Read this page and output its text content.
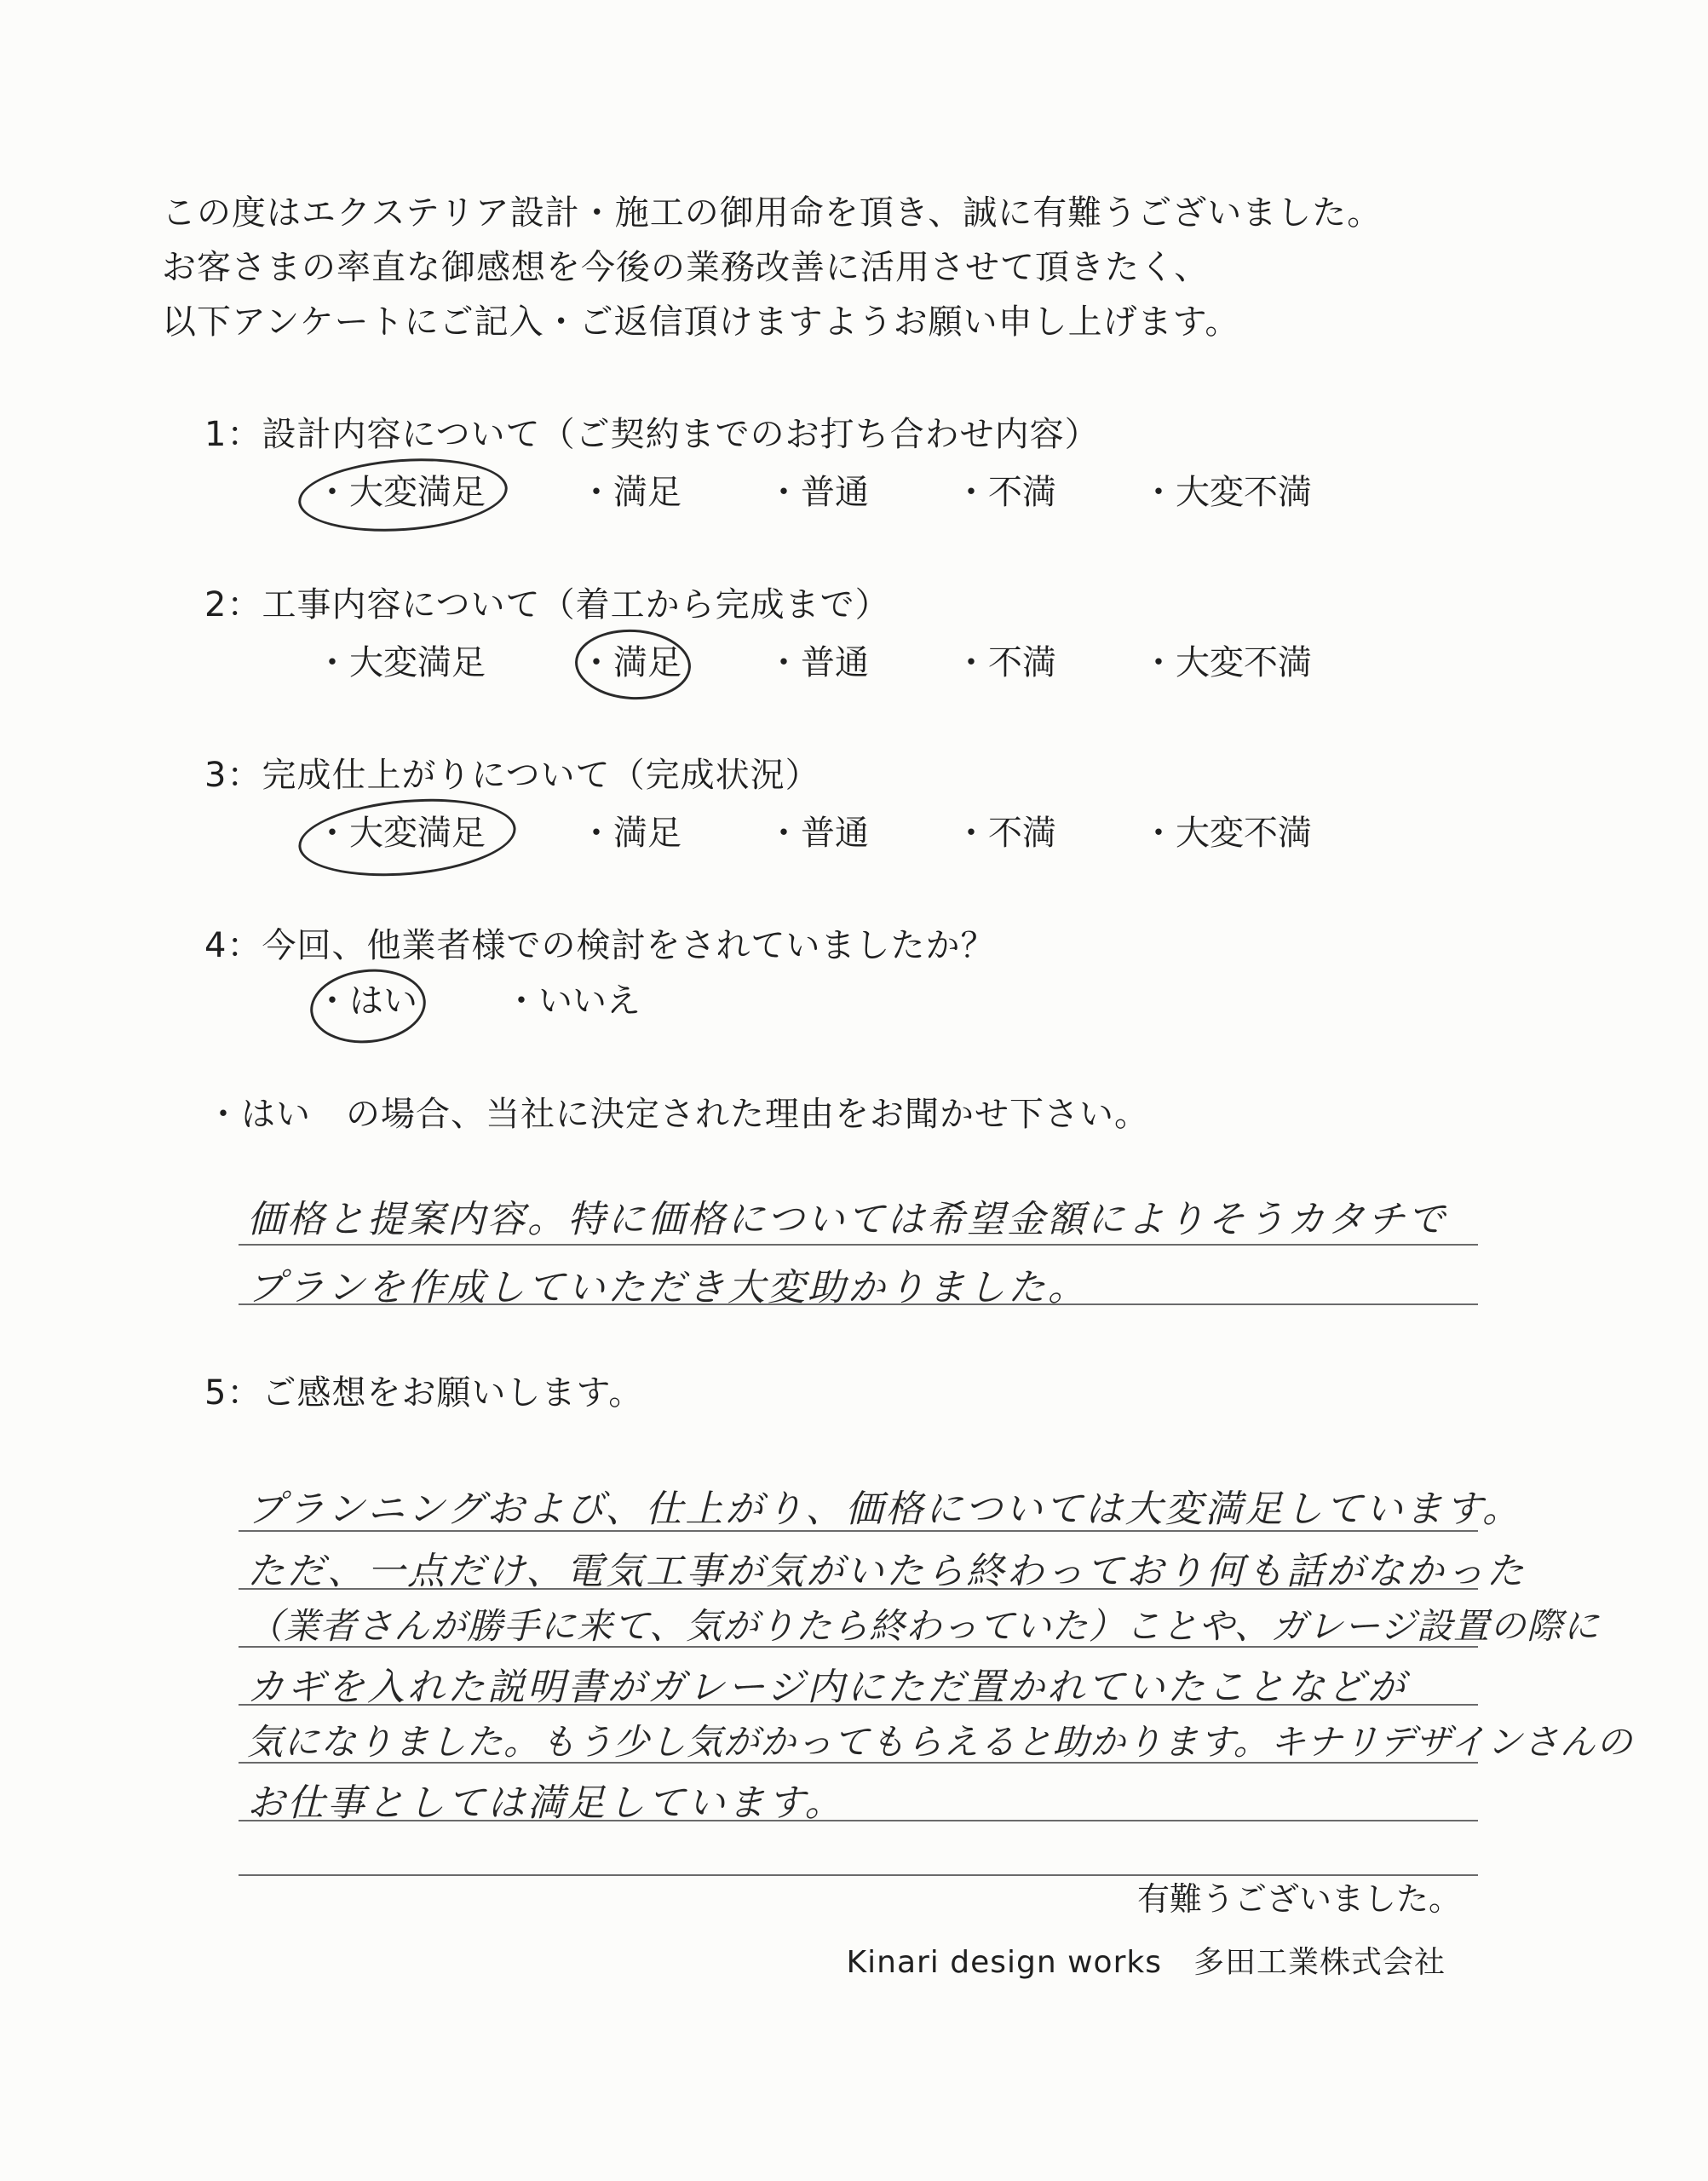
この度はエクステリア設計・施工の御用命を頂き、誠に有難うございました。
お客さまの率直な御感想を今後の業務改善に活用させて頂きたく、
以下アンケートにご記入・ご返信頂けますようお願い申し上げます。
1：設計内容について（ご契約までのお打ち合わせ内容）
・大変満足	・満足	・普通	・不満	・大変不満
2：工事内容について（着工から完成まで）
・大変満足	・満足	・普通	・不満	・大変不満
3：完成仕上がりについて（完成状況）
・大変満足	・満足	・普通	・不満	・大変不満
4：今回、他業者様での検討をされていましたか？
・はい	・いいえ
・はい　の場合、当社に決定された理由をお聞かせ下さい。
価格と提案内容。特に価格については希望金額によりそうカタチで
プランを作成していただき大変助かりました。
5：ご感想をお願いします。
プランニングおよび、仕上がり、価格については大変満足しています。
ただ、一点だけ、電気工事が気がいたら終わっており何も話がなかった
（業者さんが勝手に来て、気がりたら終わっていた）ことや、ガレージ設置の際に
カギを入れた説明書がガレージ内にただ置かれていたことなどが
気になりました。もう少し気がかってもらえると助かります。キナリデザインさんの
お仕事としては満足しています。
有難うございました。
Kinari design works　多田工業株式会社
